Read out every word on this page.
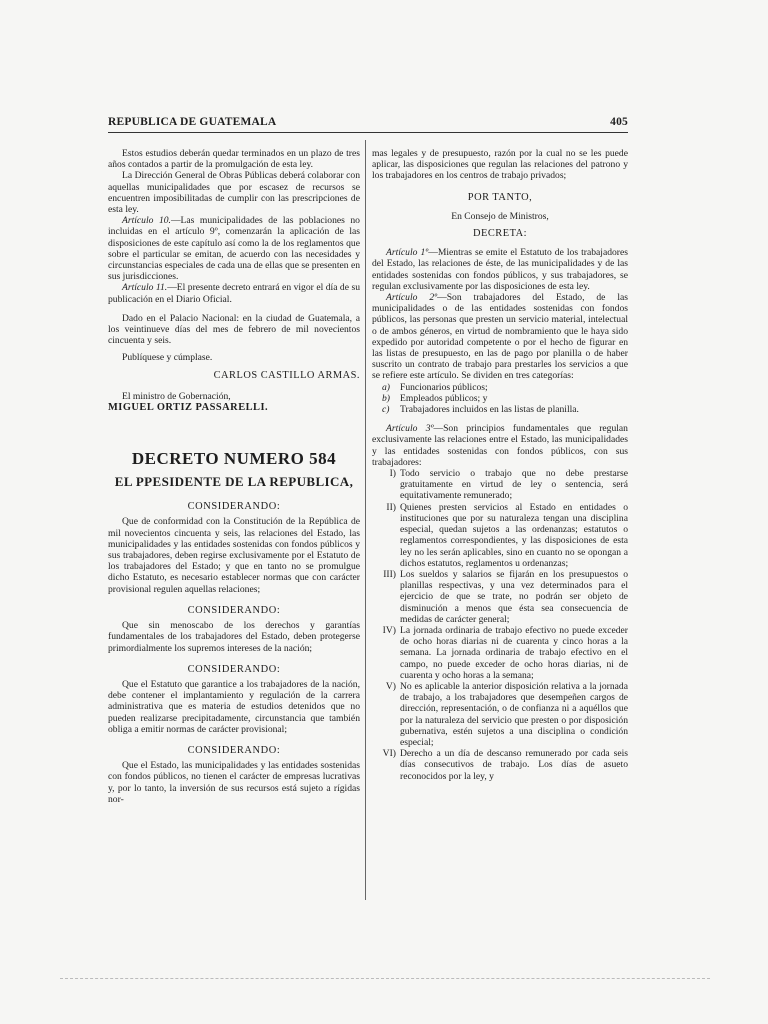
REPUBLICA DE GUATEMALA	405

Estos estudios deberán quedar terminados en un plazo de tres años contados a partir de la promulgación de esta ley.

La Dirección General de Obras Públicas deberá colaborar con aquellas municipalidades que por escasez de recursos se encuentren imposibilitadas de cumplir con las prescripciones de esta ley.

Artículo 10.—Las municipalidades de las poblaciones no incluidas en el artículo 9º, comenzarán la aplicación de las disposiciones de este capítulo así como la de los reglamentos que sobre el particular se emitan, de acuerdo con las necesidades y circunstancias especiales de cada una de ellas que se presenten en sus jurisdicciones.

Artículo 11.—El presente decreto entrará en vigor el día de su publicación en el Diario Oficial.

Dado en el Palacio Nacional: en la ciudad de Guatemala, a los veintinueve días del mes de febrero de mil novecientos cincuenta y seis.

Publíquese y cúmplase.

CARLOS CASTILLO ARMAS.

El ministro de Gobernación,

MIGUEL ORTIZ PASSARELLI.

DECRETO NUMERO 584

EL PPESIDENTE DE LA REPUBLICA,

CONSIDERANDO:

Que de conformidad con la Constitución de la República de mil novecientos cincuenta y seis, las relaciones del Estado, las municipalidades y las entidades sostenidas con fondos públicos y sus trabajadores, deben regirse exclusivamente por el Estatuto de los trabajadores del Estado; y que en tanto no se promulgue dicho Estatuto, es necesario establecer normas que con carácter provisional regulen aquellas relaciones;

CONSIDERANDO:

Que sin menoscabo de los derechos y garantías fundamentales de los trabajadores del Estado, deben protegerse primordialmente los supremos intereses de la nación;

CONSIDERANDO:

Que el Estatuto que garantice a los trabajadores de la nación, debe contener el implantamiento y regulación de la carrera administrativa que es materia de estudios detenidos que no pueden realizarse precipitadamente, circunstancia que también obliga a emitir normas de carácter provisional;

CONSIDERANDO:

Que el Estado, las municipalidades y las entidades sostenidas con fondos públicos, no tienen el carácter de empresas lucrativas y, por lo tanto, la inversión de sus recursos está sujeto a rígidas nor-

mas legales y de presupuesto, razón por la cual no se les puede aplicar, las disposiciones que regulan las relaciones del patrono y los trabajadores en los centros de trabajo privados;

POR TANTO,

En Consejo de Ministros,

DECRETA:

Artículo 1º—Mientras se emite el Estatuto de los trabajadores del Estado, las relaciones de éste, de las municipalidades y de las entidades sostenidas con fondos públicos, y sus trabajadores, se regulan exclusivamente por las disposiciones de esta ley.

Artículo 2º—Son trabajadores del Estado, de las municipalidades o de las entidades sostenidas con fondos públicos, las personas que presten un servicio material, intelectual o de ambos géneros, en virtud de nombramiento que le haya sido expedido por autoridad competente o por el hecho de figurar en las listas de presupuesto, en las de pago por planilla o de haber suscrito un contrato de trabajo para prestarles los servicios a que se refiere este artículo. Se dividen en tres categorías:

a) Funcionarios públicos;
b) Empleados públicos; y
c) Trabajadores incluidos en las listas de planilla.

Artículo 3º—Son principios fundamentales que regulan exclusivamente las relaciones entre el Estado, las municipalidades y las entidades sostenidas con fondos públicos, con sus trabajadores:

I) Todo servicio o trabajo que no debe prestarse gratuitamente en virtud de ley o sentencia, será equitativamente remunerado;
II) Quienes presten servicios al Estado en entidades o instituciones que por su naturaleza tengan una disciplina especial, quedan sujetos a las ordenanzas; estatutos o reglamentos correspondientes, y las disposiciones de esta ley no les serán aplicables, sino en cuanto no se opongan a dichos estatutos, reglamentos u ordenanzas;
III) Los sueldos y salarios se fijarán en los presupuestos o planillas respectivas, y una vez determinados para el ejercicio de que se trate, no podrán ser objeto de disminución a menos que ésta sea consecuencia de medidas de carácter general;
IV) La jornada ordinaria de trabajo efectivo no puede exceder de ocho horas diarias ni de cuarenta y cinco horas a la semana. La jornada ordinaria de trabajo efectivo en el campo, no puede exceder de ocho horas diarias, ni de cuarenta y ocho horas a la semana;
V) No es aplicable la anterior disposición relativa a la jornada de trabajo, a los trabajadores que desempeñen cargos de dirección, representación, o de confianza ni a aquéllos que por la naturaleza del servicio que presten o por disposición gubernativa, estén sujetos a una disciplina o condición especial;
VI) Derecho a un día de descanso remunerado por cada seis días consecutivos de trabajo. Los días de asueto reconocidos por la ley, y
